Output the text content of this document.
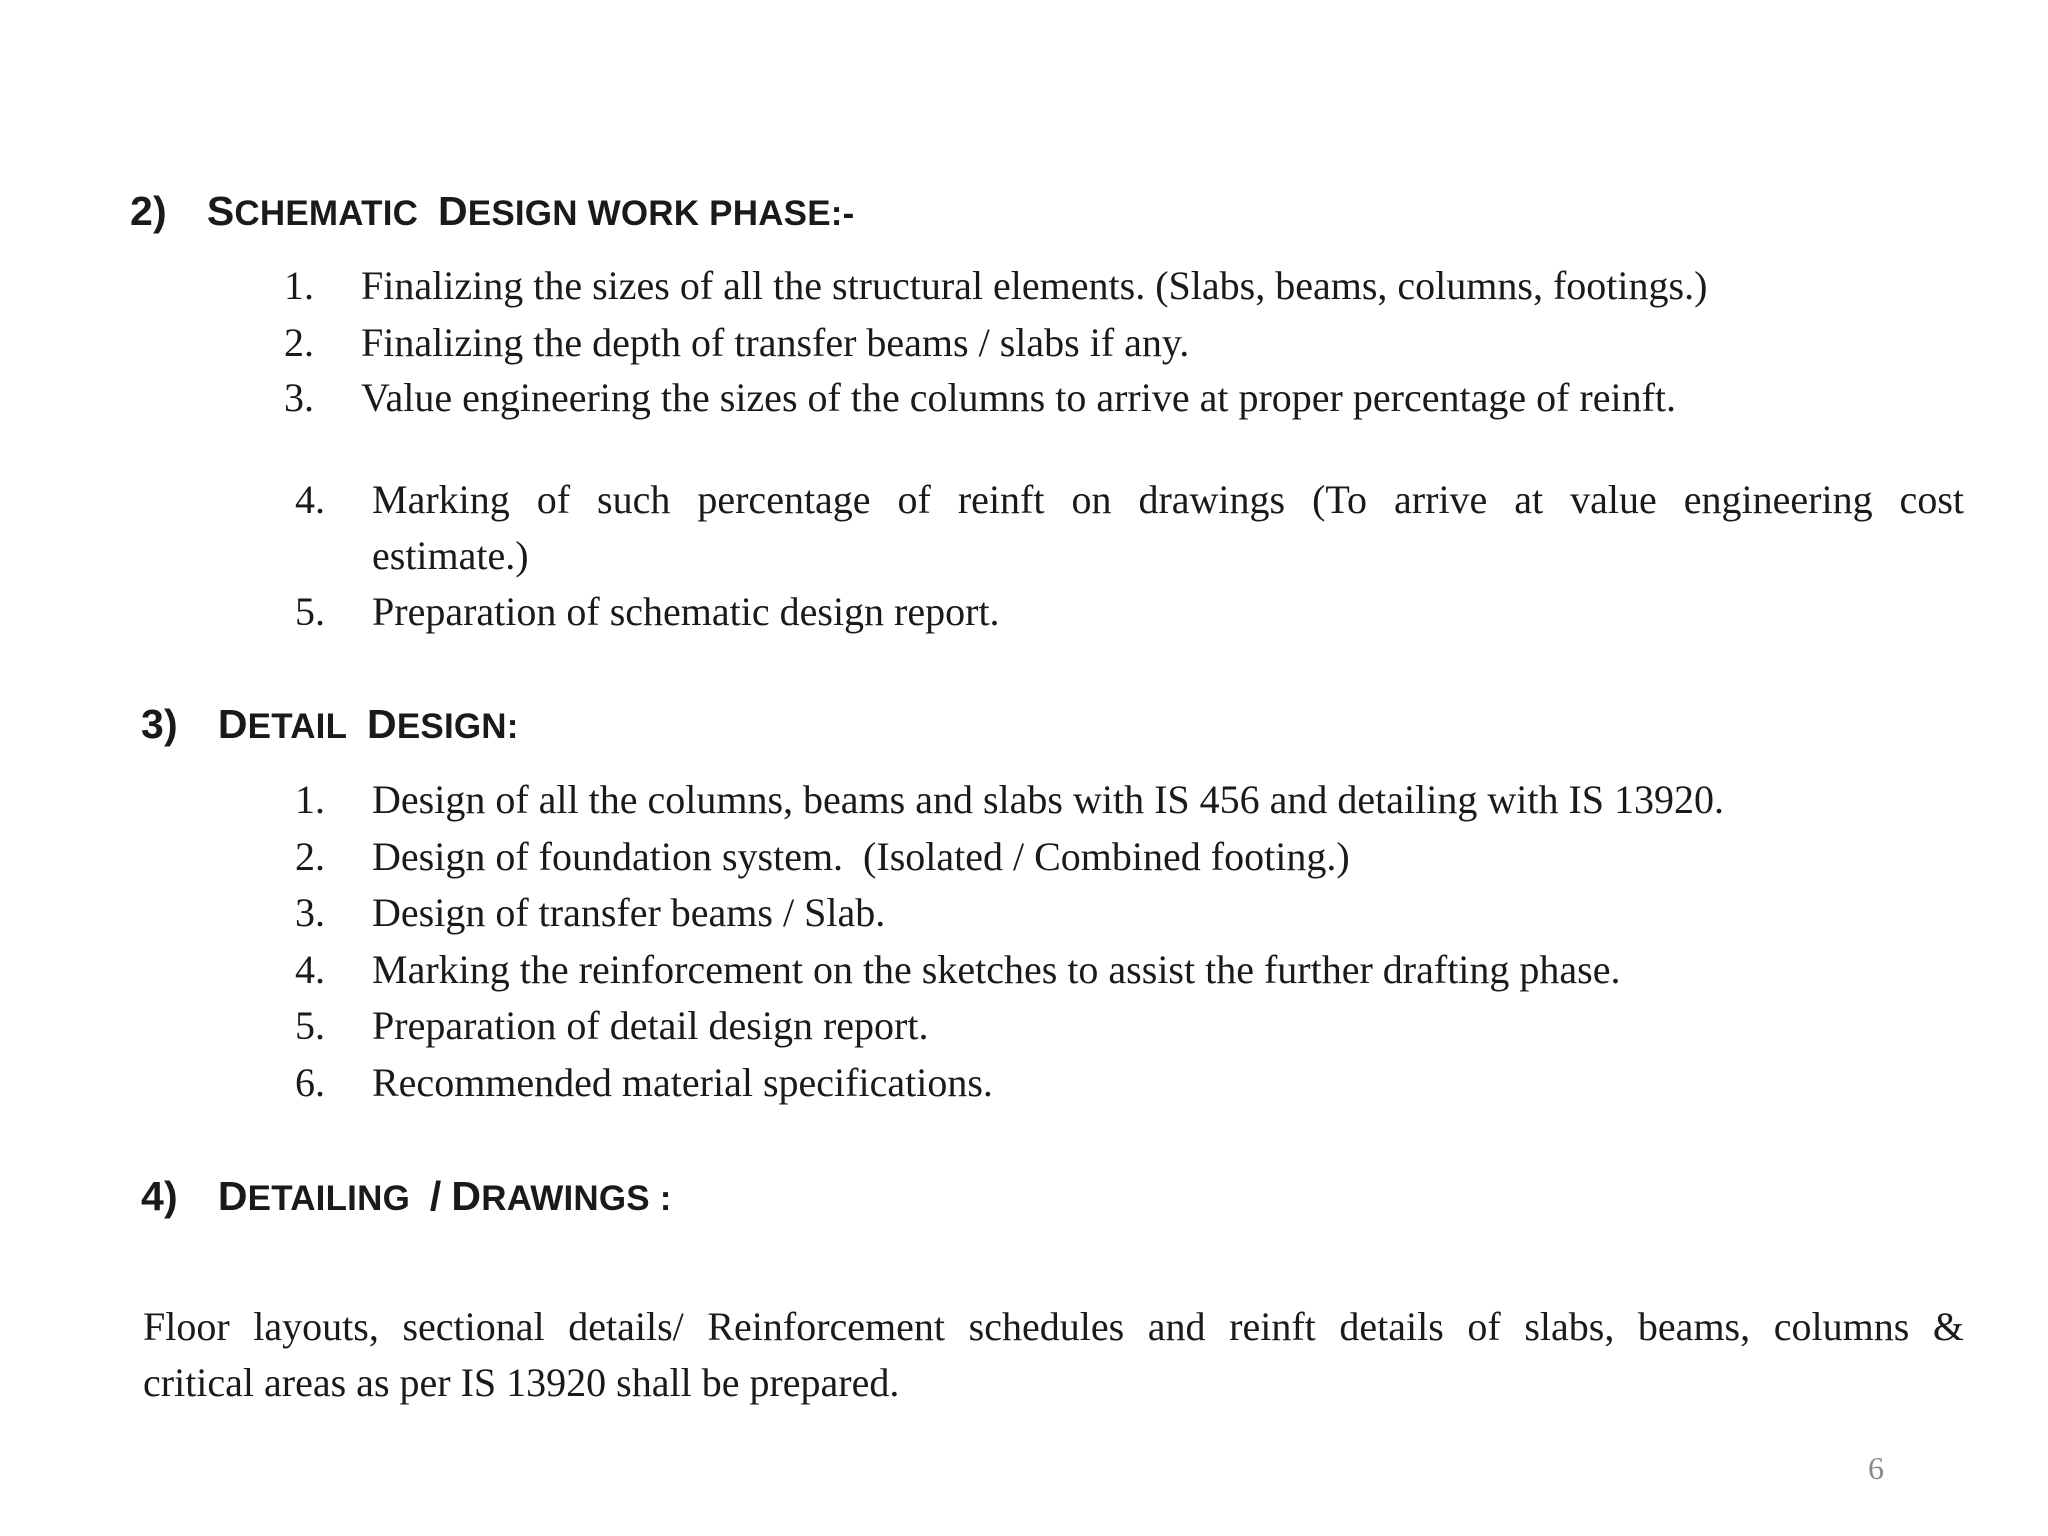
2) SCHEMATIC DESIGN WORK PHASE:-
1. Finalizing the sizes of all the structural elements. (Slabs, beams, columns, footings.)
2. Finalizing the depth of transfer beams / slabs if any.
3. Value engineering the sizes of the columns to arrive at proper percentage of reinft.
4. Marking of such percentage of reinft on drawings (To arrive at value engineering cost
estimate.)
5. Preparation of schematic design report.
3) DETAIL DESIGN:
1. Design of all the columns, beams and slabs with IS 456 and detailing with IS 13920.
2. Design of foundation system.  (Isolated / Combined footing.)
3. Design of transfer beams / Slab.
4. Marking the reinforcement on the sketches to assist the further drafting phase.
5. Preparation of detail design report.
6. Recommended material specifications.
4) DETAILING / DRAWINGS :
Floor layouts, sectional details/ Reinforcement schedules and reinft details of slabs, beams, columns &
critical areas as per IS 13920 shall be prepared.
6
